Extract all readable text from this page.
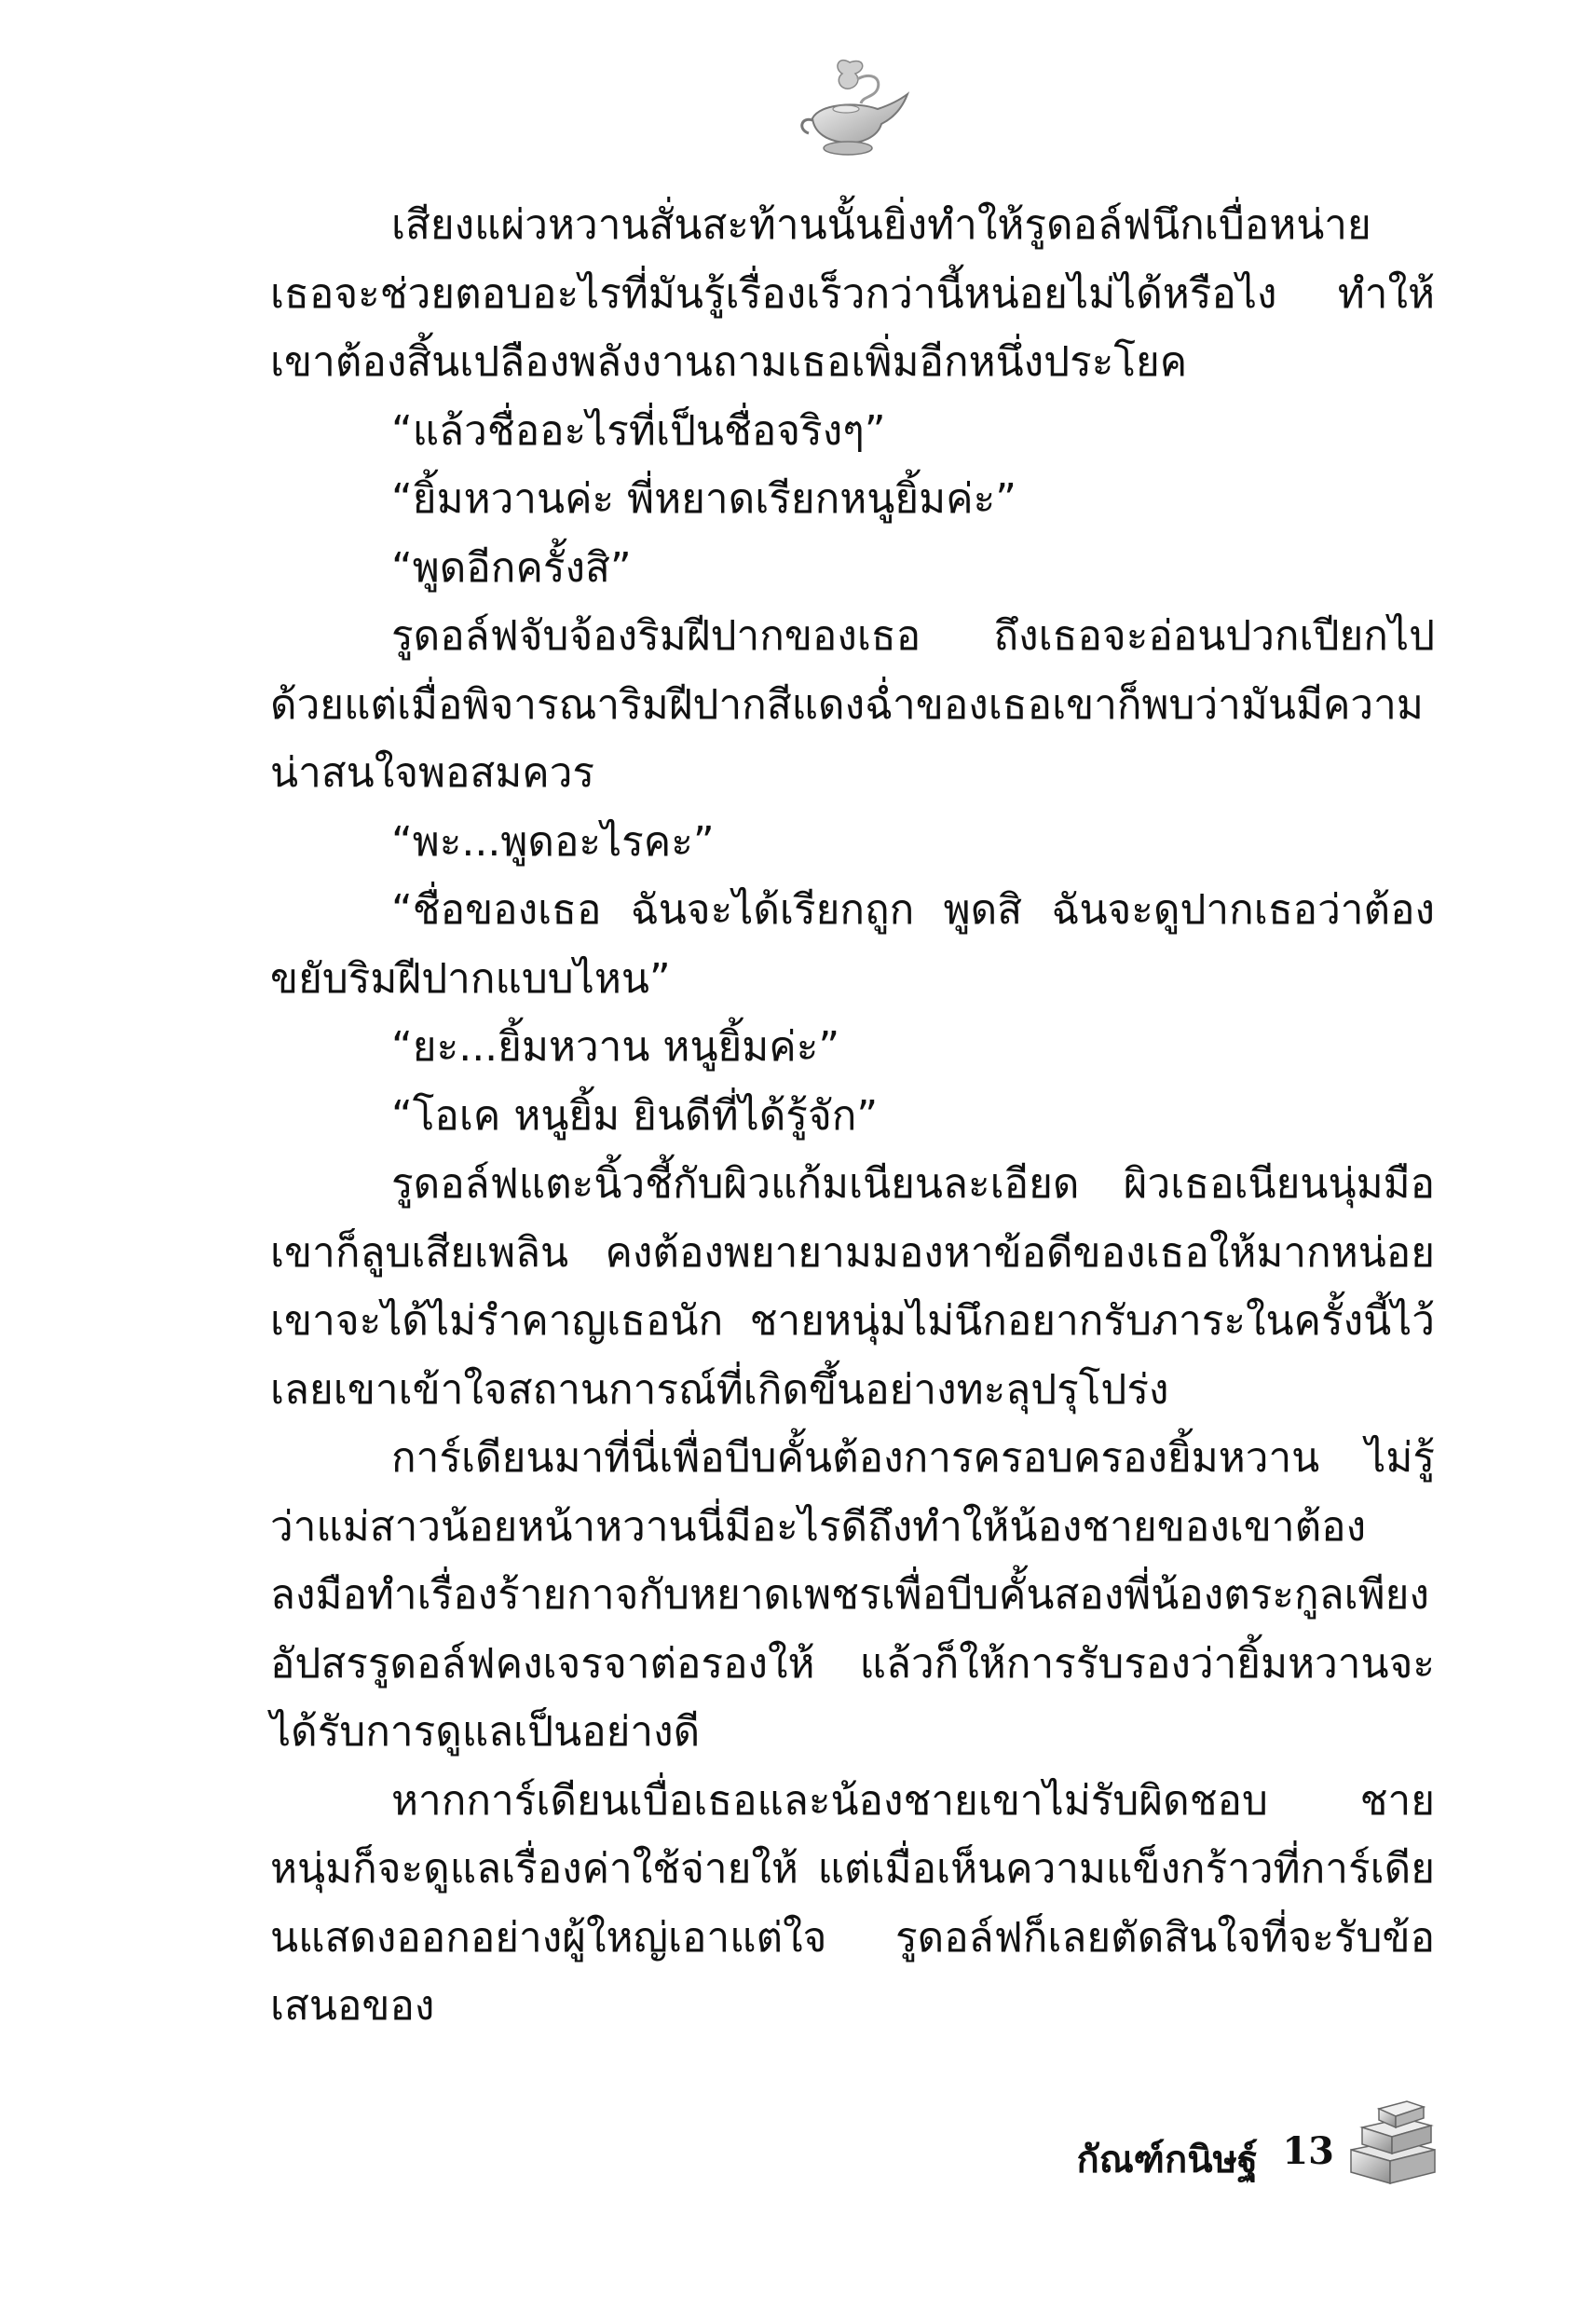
เสียงแผ่วหวานสั่นสะท้านนั้นยิ่งทำให้รูดอล์ฟนึกเบื่อหน่าย เธอจะช่วยตอบอะไรที่มันรู้เรื่องเร็วกว่านี้หน่อยไม่ได้หรือไง ทำให้เขาต้องสิ้นเปลืองพลังงานถามเธอเพิ่มอีกหนึ่งประโยค

“แล้วชื่ออะไรที่เป็นชื่อจริงๆ”

“ยิ้มหวานค่ะ พี่หยาดเรียกหนูยิ้มค่ะ”

“พูดอีกครั้งสิ”

รูดอล์ฟจับจ้องริมฝีปากของเธอ ถึงเธอจะอ่อนปวกเปียกไปด้วยแต่เมื่อพิจารณาริมฝีปากสีแดงฉ่ำของเธอเขาก็พบว่ามันมีความน่าสนใจพอสมควร

“พะ...พูดอะไรคะ”

“ชื่อของเธอ ฉันจะได้เรียกถูก พูดสิ ฉันจะดูปากเธอว่าต้องขยับริมฝีปากแบบไหน”

“ยะ...ยิ้มหวาน หนูยิ้มค่ะ”

“โอเค หนูยิ้ม ยินดีที่ได้รู้จัก”

รูดอล์ฟแตะนิ้วชี้กับผิวแก้มเนียนละเอียด ผิวเธอเนียนนุ่มมือเขาก็ลูบเสียเพลิน คงต้องพยายามมองหาข้อดีของเธอให้มากหน่อยเขาจะได้ไม่รำคาญเธอนัก ชายหนุ่มไม่นึกอยากรับภาระในครั้งนี้ไว้เลยเขาเข้าใจสถานการณ์ที่เกิดขึ้นอย่างทะลุปรุโปร่ง

การ์เดียนมาที่นี่เพื่อบีบคั้นต้องการครอบครองยิ้มหวาน ไม่รู้ว่าแม่สาวน้อยหน้าหวานนี่มีอะไรดีถึงทำให้น้องชายของเขาต้องลงมือทำเรื่องร้ายกาจกับหยาดเพชรเพื่อบีบคั้นสองพี่น้องตระกูลเพียงอัปสรรูดอล์ฟคงเจรจาต่อรองให้ แล้วก็ให้การรับรองว่ายิ้มหวานจะได้รับการดูแลเป็นอย่างดี

หากการ์เดียนเบื่อเธอและน้องชายเขาไม่รับผิดชอบ ชายหนุ่มก็จะดูแลเรื่องค่าใช้จ่ายให้ แต่เมื่อเห็นความแข็งกร้าวที่การ์เดียนแสดงออกอย่างผู้ใหญ่เอาแต่ใจ รูดอล์ฟก็เลยตัดสินใจที่จะรับข้อเสนอของ

กัณฑ์กนิษฐ์ 13
